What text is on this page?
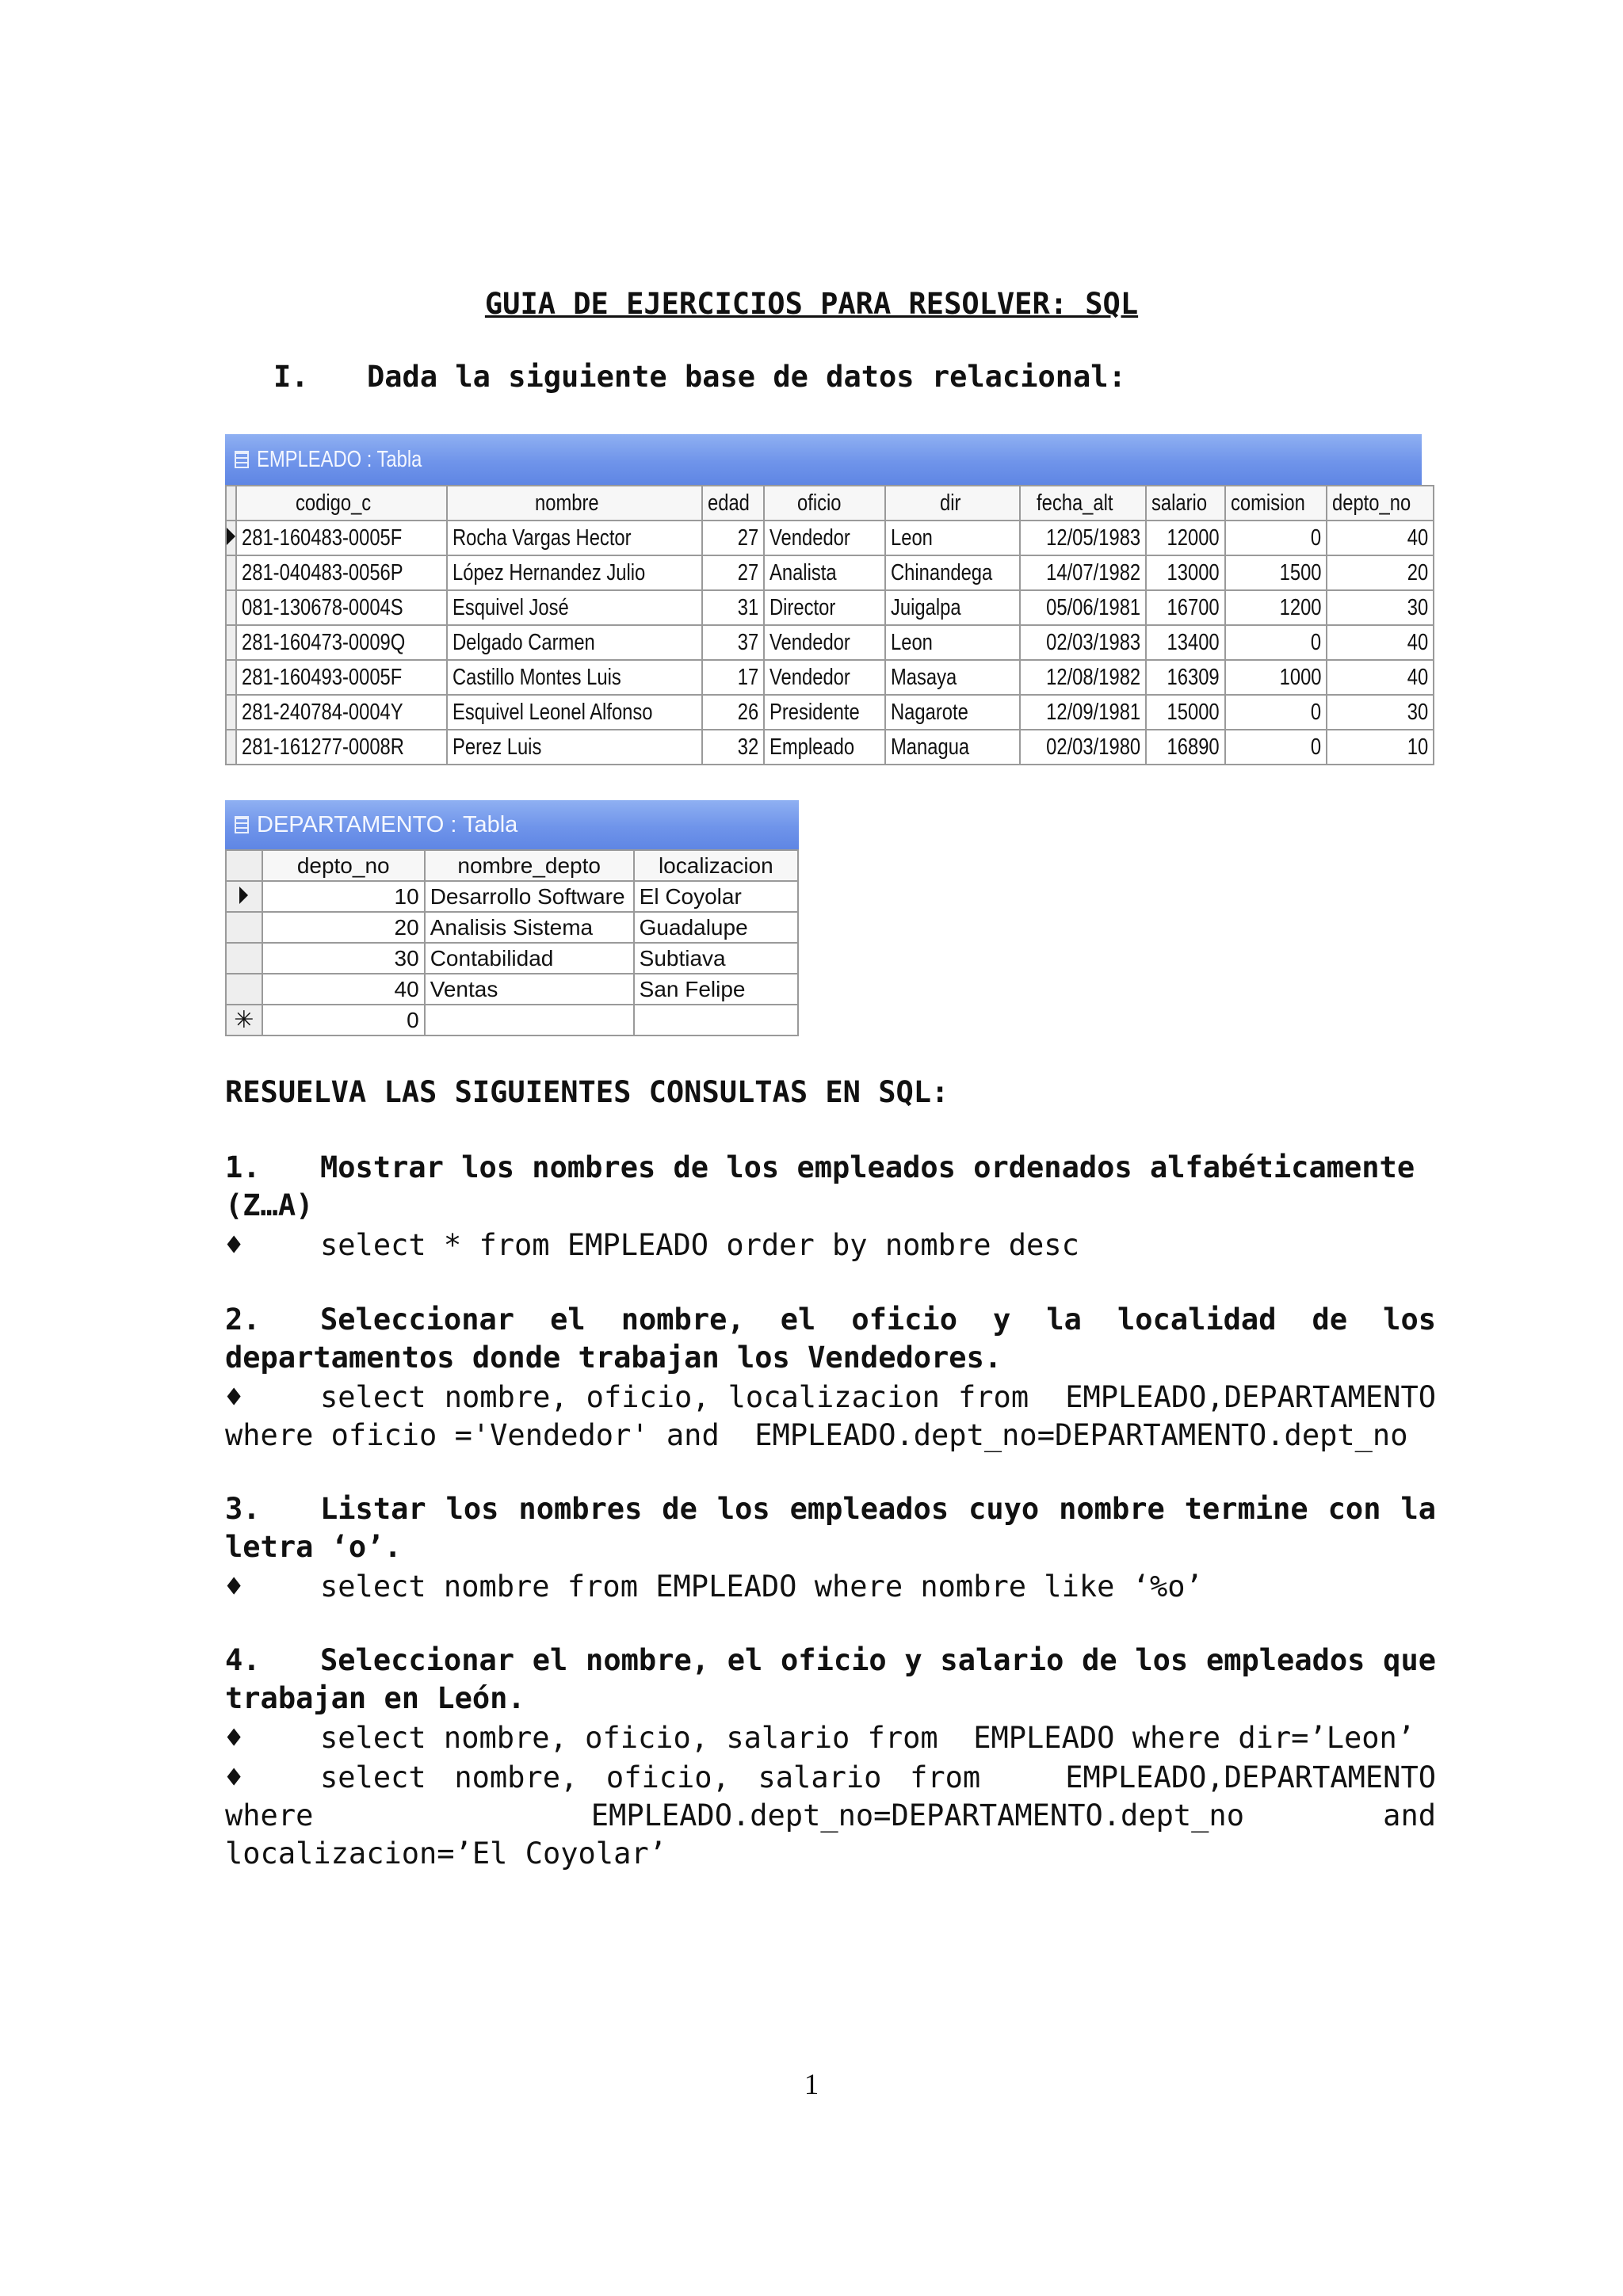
GUIA DE EJERCICIOS PARA RESOLVER: SQL
I. Dada la siguiente base de datos relacional:
EMPLEADO : Tabla
	codigo_c	nombre	edad	oficio	dir	fecha_alt	salario	comision	depto_no
	281-160483-0005F	Rocha Vargas Hector	27	Vendedor	Leon	12/05/1983	12000	0	40
	281-040483-0056P	López Hernandez Julio	27	Analista	Chinandega	14/07/1982	13000	1500	20
	081-130678-0004S	Esquivel José	31	Director	Juigalpa	05/06/1981	16700	1200	30
	281-160473-0009Q	Delgado Carmen	37	Vendedor	Leon	02/03/1983	13400	0	40
	281-160493-0005F	Castillo Montes Luis	17	Vendedor	Masaya	12/08/1982	16309	1000	40
	281-240784-0004Y	Esquivel Leonel Alfonso	26	Presidente	Nagarote	12/09/1981	15000	0	30
	281-161277-0008R	Perez Luis	32	Empleado	Managua	02/03/1980	16890	0	10
DEPARTAMENTO : Tabla
	depto_no	nombre_depto	localizacion
	10	Desarrollo Software	El Coyolar
	20	Analisis Sistema	Guadalupe
	30	Contabilidad	Subtiava
	40	Ventas	San Felipe
✳	0		
RESUELVA LAS SIGUIENTES CONSULTAS EN SQL:
1. Mostrar los nombres de los empleados ordenados alfabéticamente (Z…A)
♦	select * from EMPLEADO order by nombre desc
2. Seleccionar el nombre, el oficio y la localidad de los departamentos donde trabajan los Vendedores.
♦	select nombre, oficio, localizacion from  EMPLEADO,DEPARTAMENTO where oficio ='Vendedor' and  EMPLEADO.dept_no=DEPARTAMENTO.dept_no
3. Listar los nombres de los empleados cuyo nombre termine con la letra ‘o’.
♦	select nombre from EMPLEADO where nombre like ‘%o’
4. Seleccionar el nombre, el oficio y salario de los empleados que trabajan en León.
♦	select nombre, oficio, salario from  EMPLEADO where dir=’Leon’
♦	select nombre, oficio, salario from   EMPLEADO,DEPARTAMENTO where    EMPLEADO.dept_no=DEPARTAMENTO.dept_no  and  localizacion=’El Coyolar’
1
